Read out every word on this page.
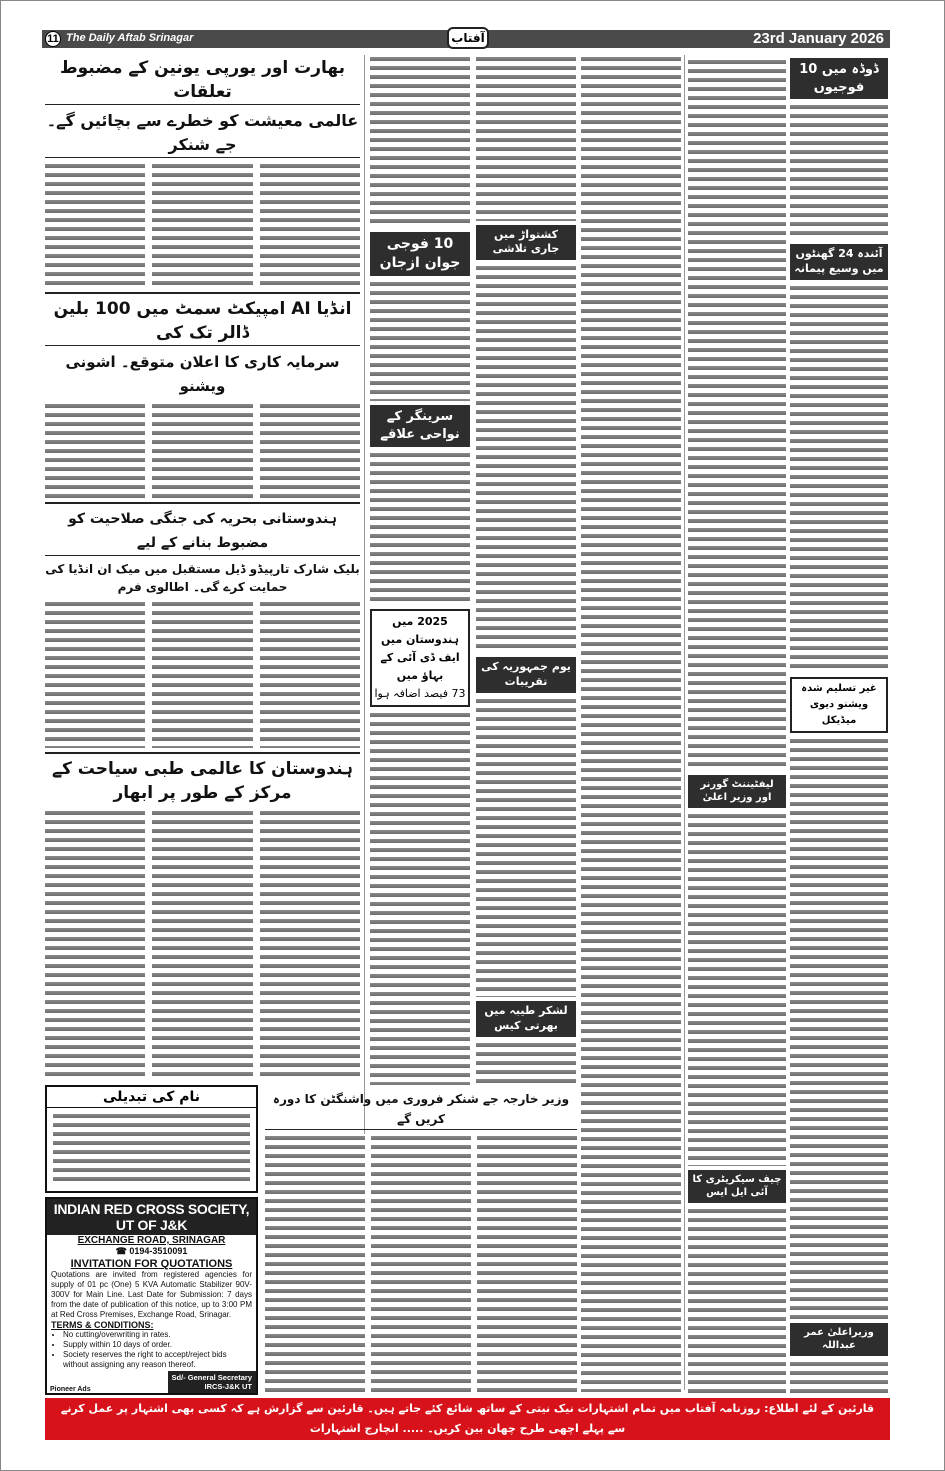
11 The Daily Aftab Srinagar	آفتاب	23rd January 2026
بھارت اور یورپی یونین کے مضبوط تعلقات
عالمی معیشت کو خطرے سے بچائیں گے۔ جے شنکر
انڈیا AI امپیکٹ سمٹ میں 100 بلین ڈالر تک کی
سرمایہ کاری کا اعلان متوقع۔ اشونی ویشنو
ہندوستانی بحریہ کی جنگی صلاحیت کو مضبوط بنانے کے لیے
بلیک شارک تارپیڈو ڈیل مستقبل میں میک ان انڈیا کی حمایت کرے گی۔ اطالوی فرم
ہندوستان کا عالمی طبی سیاحت کے مرکز کے طور پر ابھار
نام کی تبدیلی
INDIAN RED CROSS SOCIETY, UT OF J&K
EXCHANGE ROAD, SRINAGAR
☎ 0194-3510091
INVITATION FOR QUOTATIONS

Quotations are invited from registered agencies for supply of 01 pc (One) 5 KVA Automatic Stabilizer 90V-300V for Main Line. Last Date for Submission: 7 days from the date of publication of this notice, up to 3:00 PM at Red Cross Premises, Exchange Road, Srinagar.

TERMS & CONDITIONS:
• No cutting/overwriting in rates.
• Supply within 10 days of order.
• Society reserves the right to accept/reject bids without assigning any reason thereof.
Pioneer Ads
Sd/- General Secretary
IRCS-J&K UT
10 فوجی جوان ازجان
سرینگر کے نواحی علاقے
2025 میں ہندوستان میں
ایف ڈی آئی کے بہاؤ میں
73 فیصد اضافہ ہوا
کشتواڑ میں جاری تلاشی
یوم جمہوریہ کی تقریبات
لشکر طیبہ میں بھرتی کیس
وزیر خارجہ جے شنکر فروری میں واشنگٹن کا دورہ کریں گے
لیفٹیننٹ گورنر اور وزیر اعلیٰ
چیف سیکریٹری کا آئی ایل ایس
ڈوڈہ میں 10 فوجیوں
آئندہ 24 گھنٹوں میں وسیع پیمانہ
غیر تسلیم شدہ ویشنو دیوی میڈیکل
وزیراعلیٰ عمر عبداللہ
قارئین کے لئے اطلاع: روزنامہ آفتاب میں تمام اشتہارات نیک نیتی کے ساتھ شائع کئے جاتے ہیں۔ قارئین سے گزارش ہے کہ کسی بھی اشتہار پر عمل کرنے سے پہلے اچھی طرح چھان بین کریں۔ ..... انچارج اشتہارات
